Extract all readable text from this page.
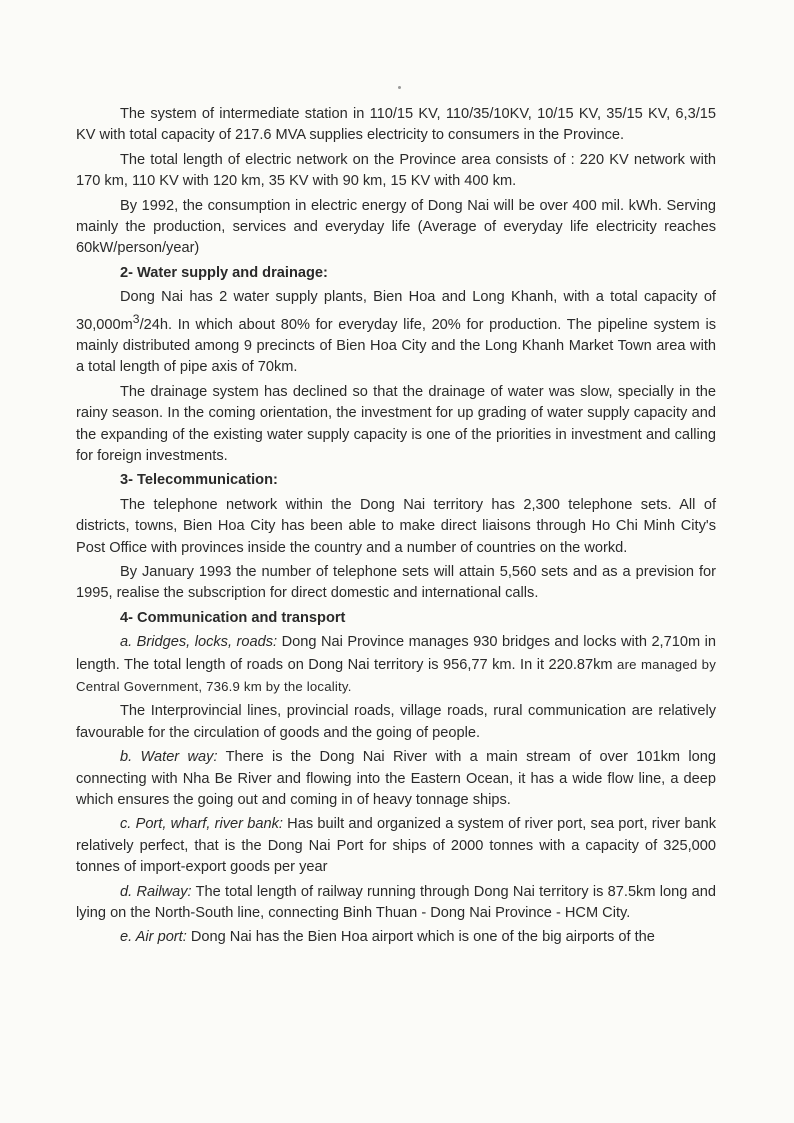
The system of intermediate station in 110/15 KV, 110/35/10KV, 10/15 KV, 35/15 KV, 6,3/15 KV with total capacity of 217.6 MVA supplies electricity to consumers in the Province.

The total length of electric network on the Province area consists of : 220 KV network with 170 km, 110 KV with 120 km, 35 KV with 90 km, 15 KV with 400 km.

By 1992, the consumption in electric energy of Dong Nai will be over 400 mil. kWh. Serving mainly the production, services and everyday life (Average of everyday life electricity reaches 60kW/person/year)

2- Water supply and drainage:

Dong Nai has 2 water supply plants, Bien Hoa and Long Khanh, with a total capacity of $30,000m^3/24h$. In which about 80% for everyday life, 20% for production. The pipeline system is mainly distributed among 9 precincts of Bien Hoa City and the Long Khanh Market Town area with a total length of pipe axis of 70km.

The drainage system has declined so that the drainage of water was slow, specially in the rainy season. In the coming orientation, the investment for up grading of water supply capacity and the expanding of the existing water supply capacity is one of the priorities in investment and calling for foreign investments.

3- Telecommunication:

The telephone network within the Dong Nai territory has 2,300 telephone sets. All of districts, towns, Bien Hoa City has been able to make direct liaisons through Ho Chi Minh City's Post Office with provinces inside the country and a number of countries on the workd.

By January 1993 the number of telephone sets will attain 5,560 sets and as a prevision for 1995, realise the subscription for direct domestic and international calls.

4- Communication and transport

a. Bridges, locks, roads: Dong Nai Province manages 930 bridges and locks with 2,710m in length. The total length of roads on Dong Nai territory is 956,77 km. In it 220.87km are managed by Central Government, 736.9 km by the locality.

The Interprovincial lines, provincial roads, village roads, rural communication are relatively favourable for the circulation of goods and the going of people.

b. Water way: There is the Dong Nai River with a main stream of over 101km long connecting with Nha Be River and flowing into the Eastern Ocean, it has a wide flow line, a deep which ensures the going out and coming in of heavy tonnage ships.

c. Port, wharf, river bank: Has built and organized a system of river port, sea port, river bank relatively perfect, that is the Dong Nai Port for ships of 2000 tonnes with a capacity of 325,000 tonnes of import-export goods per year

d. Railway: The total length of railway running through Dong Nai territory is 87.5km long and lying on the North-South line, connecting Binh Thuan - Dong Nai Province - HCM City.

e. Air port: Dong Nai has the Bien Hoa airport which is one of the big airports of the
